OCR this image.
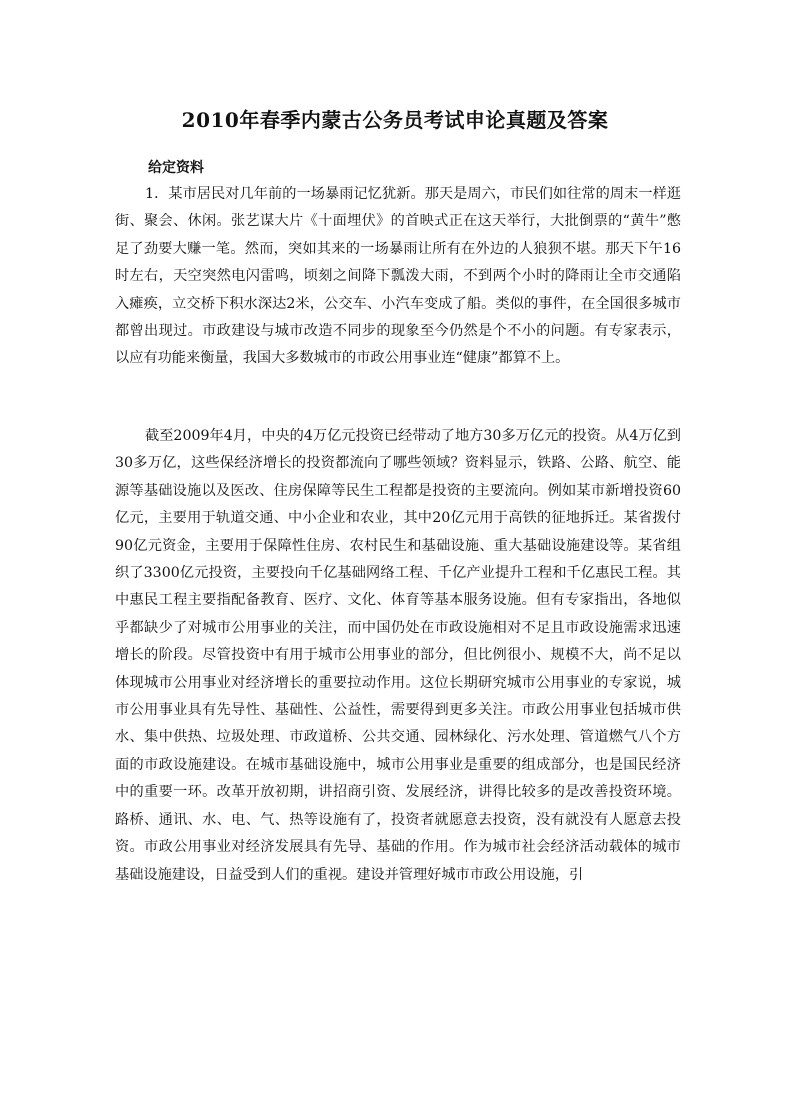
2010年春季内蒙古公务员考试申论真题及答案
给定资料

1．某市居民对几年前的一场暴雨记忆犹新。那天是周六，市民们如往常的周末一样逛街、聚会、休闲。张艺谋大片《十面埋伏》的首映式正在这天举行，大批倒票的“黄牛”憋足了劲要大赚一笔。然而，突如其来的一场暴雨让所有在外边的人狼狈不堪。那天下午16时左右，天空突然电闪雷鸣，顷刻之间降下瓢泼大雨，不到两个小时的降雨让全市交通陷入瘫痪，立交桥下积水深达2米，公交车、小汽车变成了船。类似的事件，在全国很多城市都曾出现过。市政建设与城市改造不同步的现象至今仍然是个不小的问题。有专家表示，以应有功能来衡量，我国大多数城市的市政公用事业连“健康”都算不上。

截至2009年4月，中央的4万亿元投资已经带动了地方30多万亿元的投资。从4万亿到30多万亿，这些保经济增长的投资都流向了哪些领域？资料显示，铁路、公路、航空、能源等基础设施以及医改、住房保障等民生工程都是投资的主要流向。例如某市新增投资60亿元，主要用于轨道交通、中小企业和农业，其中20亿元用于高铁的征地拆迁。某省拨付90亿元资金，主要用于保障性住房、农村民生和基础设施、重大基础设施建设等。某省组织了3300亿元投资，主要投向千亿基础网络工程、千亿产业提升工程和千亿惠民工程。其中惠民工程主要指配备教育、医疗、文化、体育等基本服务设施。但有专家指出，各地似乎都缺少了对城市公用事业的关注，而中国仍处在市政设施相对不足且市政设施需求迅速增长的阶段。尽管投资中有用于城市公用事业的部分，但比例很小、规模不大，尚不足以体现城市公用事业对经济增长的重要拉动作用。这位长期研究城市公用事业的专家说，城市公用事业具有先导性、基础性、公益性，需要得到更多关注。市政公用事业包括城市供水、集中供热、垃圾处理、市政道桥、公共交通、园林绿化、污水处理、管道燃气八个方面的市政设施建设。在城市基础设施中，城市公用事业是重要的组成部分，也是国民经济中的重要一环。改革开放初期，讲招商引资、发展经济，讲得比较多的是改善投资环境。路桥、通讯、水、电、气、热等设施有了，投资者就愿意去投资，没有就没有人愿意去投资。市政公用事业对经济发展具有先导、基础的作用。作为城市社会经济活动载体的城市基础设施建设，日益受到人们的重视。建设并管理好城市市政公用设施，引
